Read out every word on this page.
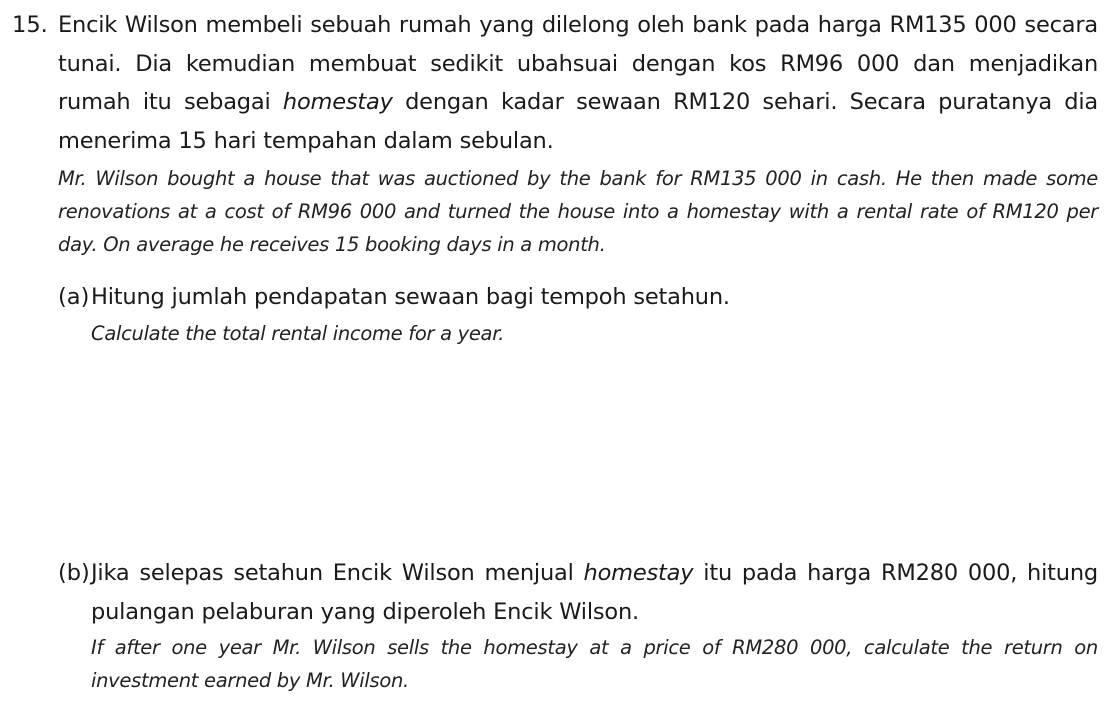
15. Encik Wilson membeli sebuah rumah yang dilelong oleh bank pada harga RM135 000 secara tunai. Dia kemudian membuat sedikit ubahsuai dengan kos RM96 000 dan menjadikan rumah itu sebagai homestay dengan kadar sewaan RM120 sehari. Secara puratanya dia menerima 15 hari tempahan dalam sebulan.
Mr. Wilson bought a house that was auctioned by the bank for RM135 000 in cash. He then made some renovations at a cost of RM96 000 and turned the house into a homestay with a rental rate of RM120 per day. On average he receives 15 booking days in a month.
(a) Hitung jumlah pendapatan sewaan bagi tempoh setahun.
Calculate the total rental income for a year.
(b) Jika selepas setahun Encik Wilson menjual homestay itu pada harga RM280 000, hitung pulangan pelaburan yang diperoleh Encik Wilson.
If after one year Mr. Wilson sells the homestay at a price of RM280 000, calculate the return on investment earned by Mr. Wilson.
